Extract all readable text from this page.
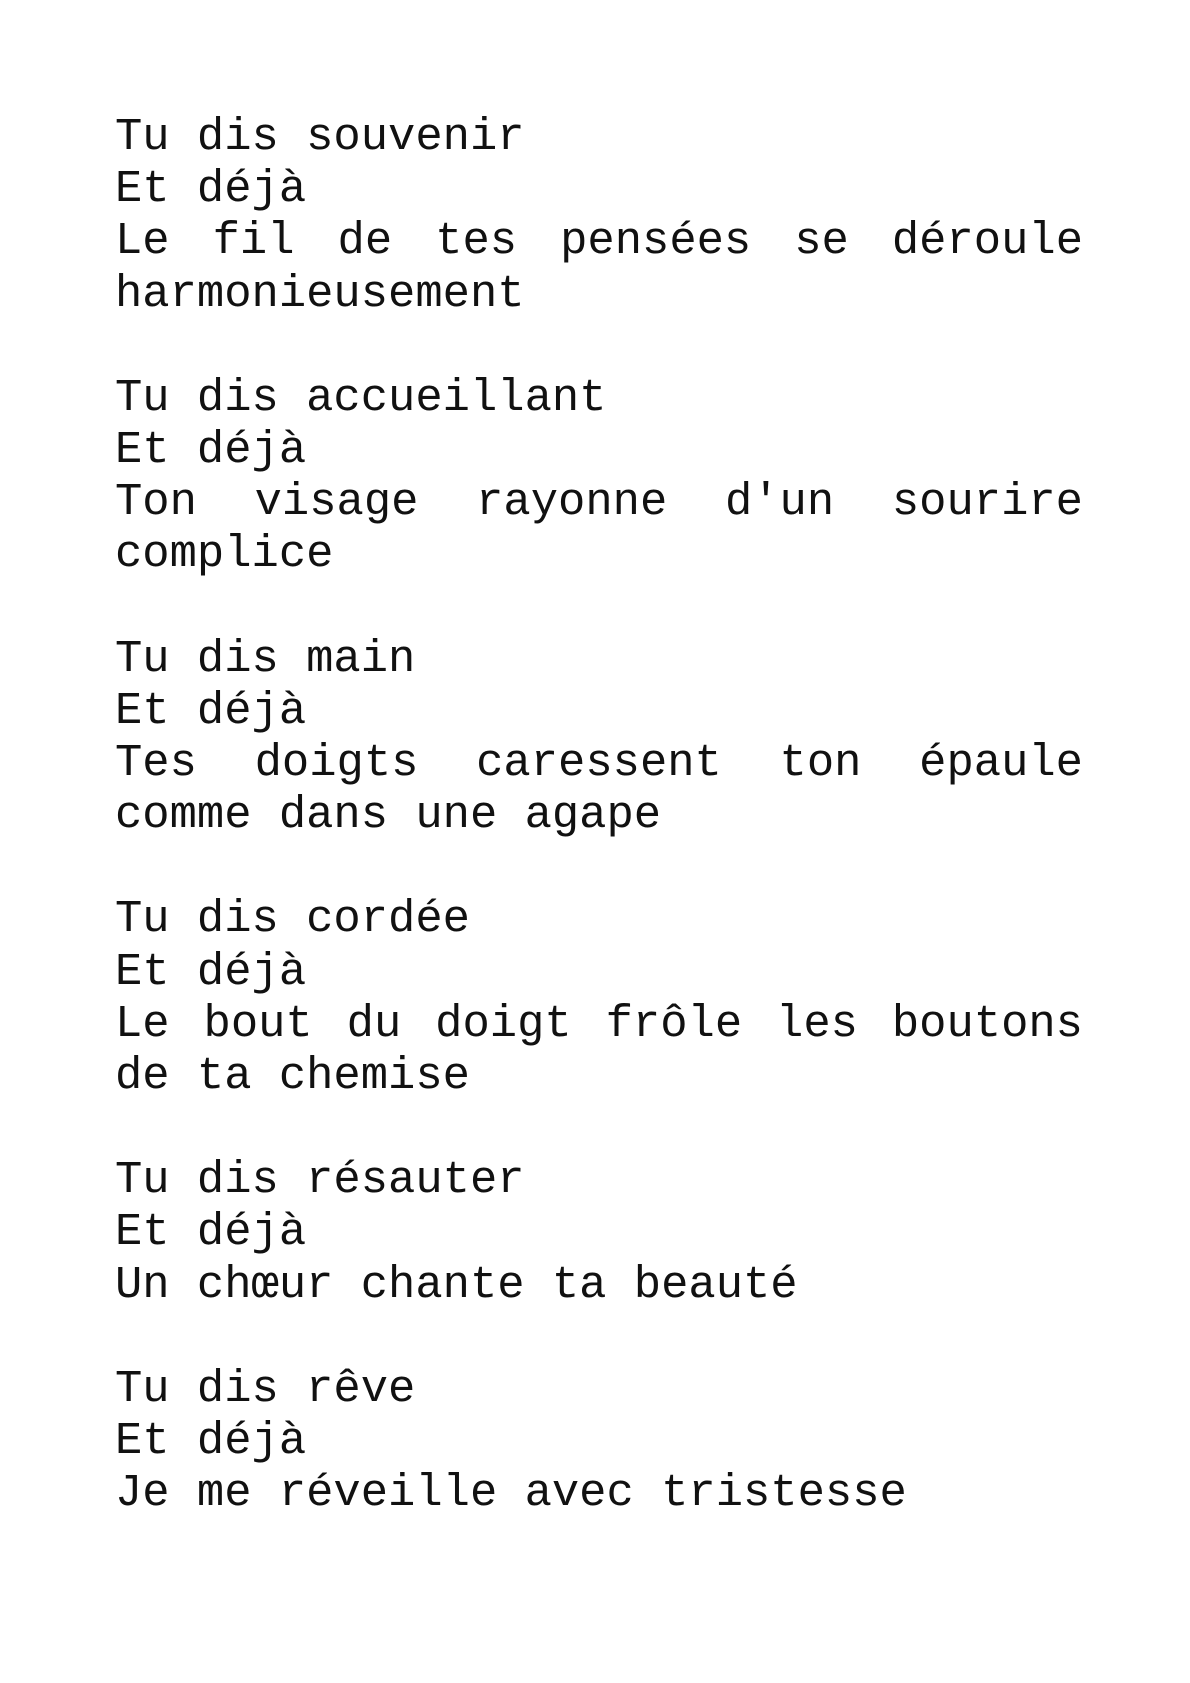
Tu dis souvenir
Et déjà
Le fil de tes pensées se déroule
harmonieusement
Tu dis accueillant
Et déjà
Ton visage rayonne d'un sourire
complice
Tu dis main
Et déjà
Tes doigts caressent ton épaule
comme dans une agape
Tu dis cordée
Et déjà
Le bout du doigt frôle les boutons
de ta chemise
Tu dis résauter
Et déjà
Un chœur chante ta beauté
Tu dis rêve
Et déjà
Je me réveille avec tristesse
